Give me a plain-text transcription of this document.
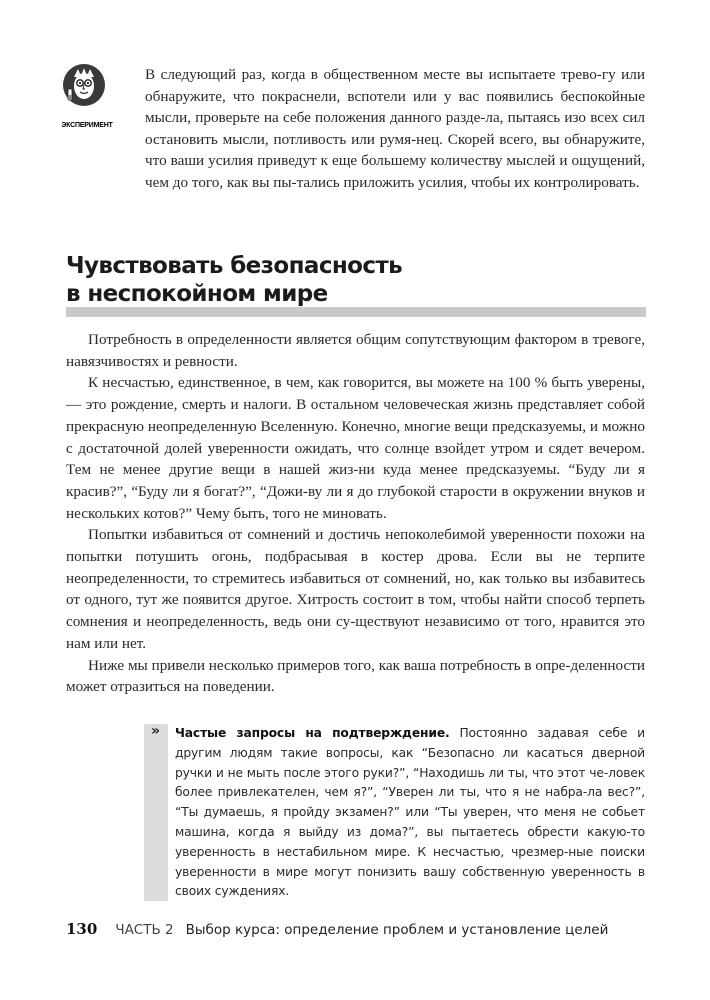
ЭКСПЕРИМЕНТ
В следующий раз, когда в общественном месте вы испытаете трево-гу или обнаружите, что покраснели, вспотели или у вас появились беспокойные мысли, проверьте на себе положения данного разде-ла, пытаясь изо всех сил остановить мысли, потливость или румя-нец. Скорей всего, вы обнаружите, что ваши усилия приведут к еще большему количеству мыслей и ощущений, чем до того, как вы пы-тались приложить усилия, чтобы их контролировать.
Чувствовать безопасность
в неспокойном мире

Потребность в определенности является общим сопутствующим фактором в тревоге, навязчивостях и ревности.

К несчастью, единственное, в чем, как говорится, вы можете на 100 % быть уверены, — это рождение, смерть и налоги. В остальном человеческая жизнь представляет собой прекрасную неопределенную Вселенную. Конечно, многие вещи предсказуемы, и можно с достаточной долей уверенности ожидать, что солнце взойдет утром и сядет вечером. Тем не менее другие вещи в нашей жиз-ни куда менее предсказуемы. “Буду ли я красив?”, “Буду ли я богат?”, “Дожи-ву ли я до глубокой старости в окружении внуков и нескольких котов?” Чему быть, того не миновать.

Попытки избавиться от сомнений и достичь непоколебимой уверенности похожи на попытки потушить огонь, подбрасывая в костер дрова. Если вы не терпите неопределенности, то стремитесь избавиться от сомнений, но, как только вы избавитесь от одного, тут же появится другое. Хитрость состоит в том, чтобы найти способ терпеть сомнения и неопределенность, ведь они су-ществуют независимо от того, нравится это нам или нет.

Ниже мы привели несколько примеров того, как ваша потребность в опре-деленности может отразиться на поведении.

» Частые запросы на подтверждение. Постоянно задавая себе и другим людям такие вопросы, как “Безопасно ли касаться дверной ручки и не мыть после этого руки?”, “Находишь ли ты, что этот че-ловек более привлекателен, чем я?”, “Уверен ли ты, что я не набра-ла вес?”, “Ты думаешь, я пройду экзамен?” или “Ты уверен, что меня не собьет машина, когда я выйду из дома?”, вы пытаетесь обрести какую-то уверенность в нестабильном мире. К несчастью, чрезмер-ные поиски уверенности в мире могут понизить вашу собственную уверенность в своих суждениях.
130 ЧАСТЬ 2 Выбор курса: определение проблем и установление целей
